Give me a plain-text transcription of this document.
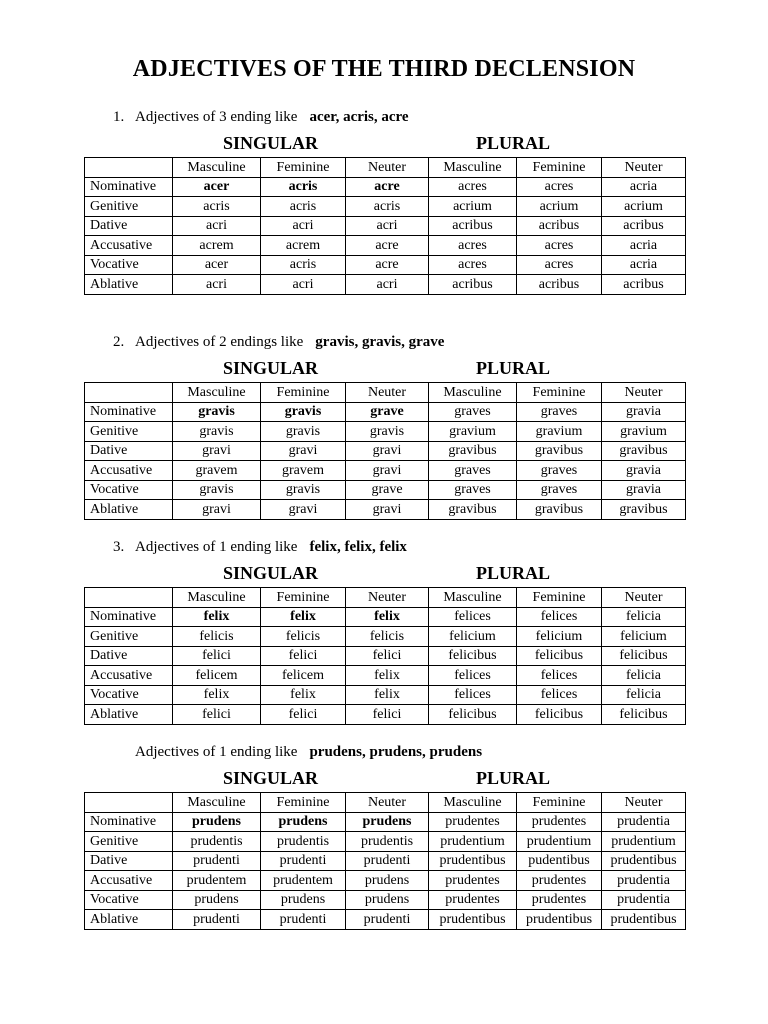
ADJECTIVES OF THE THIRD DECLENSION
1. Adjectives of 3 ending like acer, acris, acre
SINGULAR	PLURAL
	Masculine	Feminine	Neuter	Masculine	Feminine	Neuter
Nominative	acer	acris	acre	acres	acres	acria
Genitive	acris	acris	acris	acrium	acrium	acrium
Dative	acri	acri	acri	acribus	acribus	acribus
Accusative	acrem	acrem	acre	acres	acres	acria
Vocative	acer	acris	acre	acres	acres	acria
Ablative	acri	acri	acri	acribus	acribus	acribus
2. Adjectives of 2 endings like gravis, gravis, grave
SINGULAR	PLURAL
	Masculine	Feminine	Neuter	Masculine	Feminine	Neuter
Nominative	gravis	gravis	grave	graves	graves	gravia
Genitive	gravis	gravis	gravis	gravium	gravium	gravium
Dative	gravi	gravi	gravi	gravibus	gravibus	gravibus
Accusative	gravem	gravem	gravi	graves	graves	gravia
Vocative	gravis	gravis	grave	graves	graves	gravia
Ablative	gravi	gravi	gravi	gravibus	gravibus	gravibus
3. Adjectives of 1 ending like felix, felix, felix
SINGULAR	PLURAL
	Masculine	Feminine	Neuter	Masculine	Feminine	Neuter
Nominative	felix	felix	felix	felices	felices	felicia
Genitive	felicis	felicis	felicis	felicium	felicium	felicium
Dative	felici	felici	felici	felicibus	felicibus	felicibus
Accusative	felicem	felicem	felix	felices	felices	felicia
Vocative	felix	felix	felix	felices	felices	felicia
Ablative	felici	felici	felici	felicibus	felicibus	felicibus
Adjectives of 1 ending like prudens, prudens, prudens
SINGULAR	PLURAL
	Masculine	Feminine	Neuter	Masculine	Feminine	Neuter
Nominative	prudens	prudens	prudens	prudentes	prudentes	prudentia
Genitive	prudentis	prudentis	prudentis	prudentium	prudentium	prudentium
Dative	prudenti	prudenti	prudenti	prudentibus	pudentibus	prudentibus
Accusative	prudentem	prudentem	prudens	prudentes	prudentes	prudentia
Vocative	prudens	prudens	prudens	prudentes	prudentes	prudentia
Ablative	prudenti	prudenti	prudenti	prudentibus	prudentibus	prudentibus
